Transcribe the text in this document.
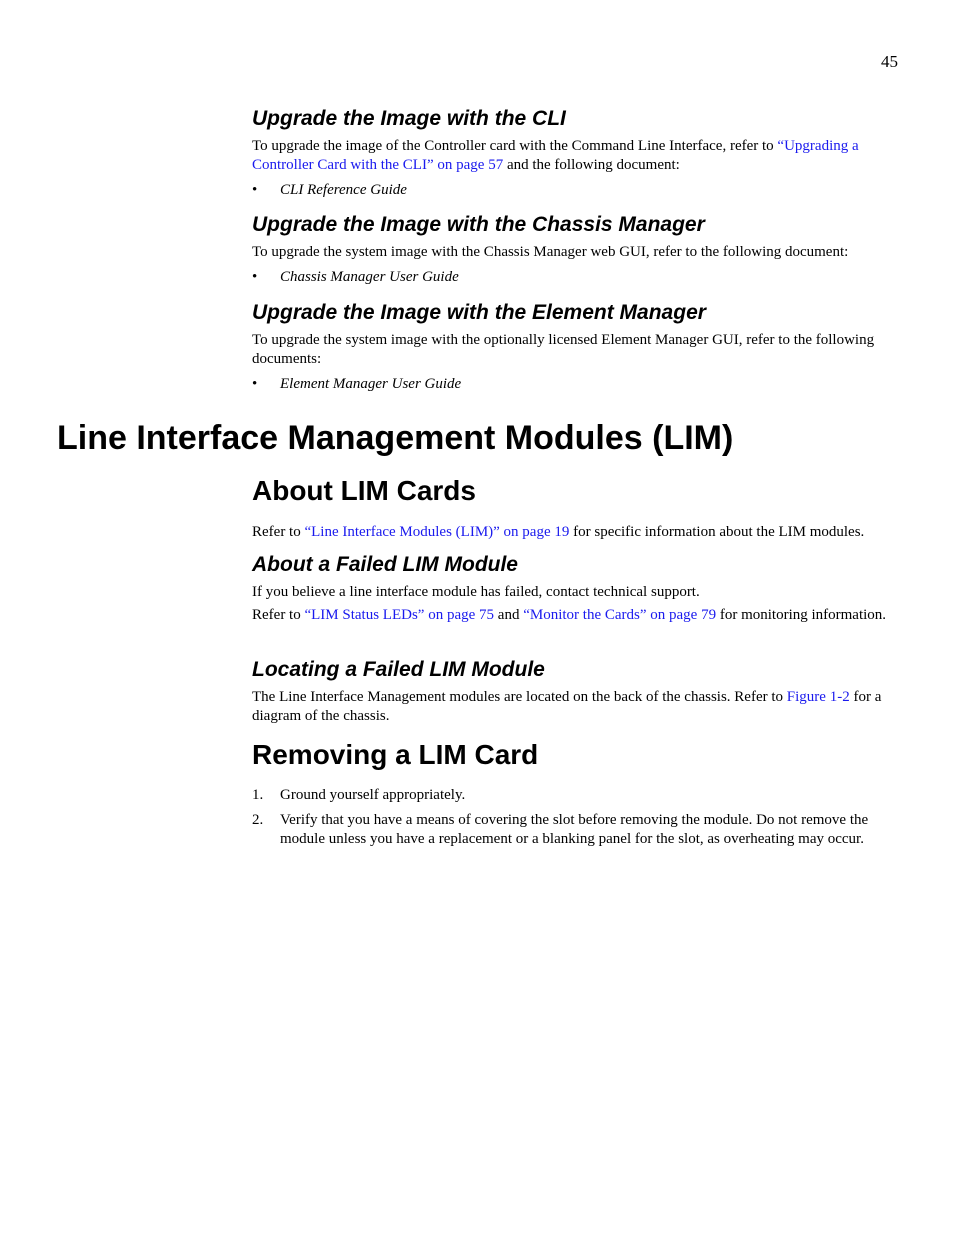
45
Upgrade the Image with the CLI

To upgrade the image of the Controller card with the Command Line Interface, refer to “Upgrading a Controller Card with the CLI” on page 57 and the following document:

• CLI Reference Guide
Upgrade the Image with the Chassis Manager

To upgrade the system image with the Chassis Manager web GUI, refer to the following document:

• Chassis Manager User Guide
Upgrade the Image with the Element Manager

To upgrade the system image with the optionally licensed Element Manager GUI, refer to the following documents:

• Element Manager User Guide
Line Interface Management Modules (LIM)
About LIM Cards

Refer to “Line Interface Modules (LIM)” on page 19 for specific information about the LIM modules.

About a Failed LIM Module

If you believe a line interface module has failed, contact technical support.

Refer to “LIM Status LEDs” on page 75 and “Monitor the Cards” on page 79 for monitoring information.

Locating a Failed LIM Module

The Line Interface Management modules are located on the back of the chassis. Refer to Figure 1-2 for a diagram of the chassis.

Removing a LIM Card
1. Ground yourself appropriately.
2. Verify that you have a means of covering the slot before removing the module. Do not remove the module unless you have a replacement or a blanking panel for the slot, as overheating may occur.
